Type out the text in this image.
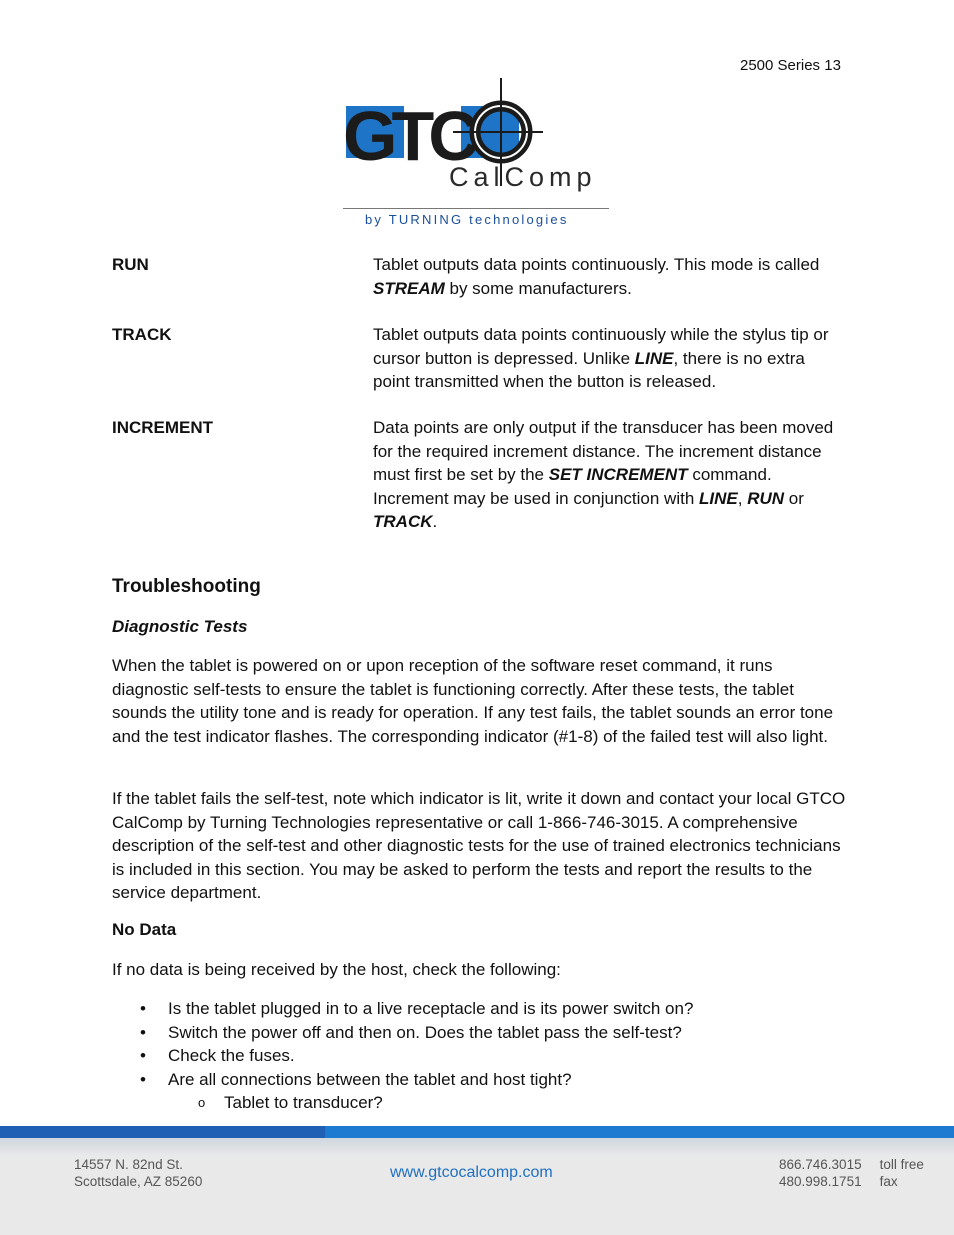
2500 Series 13
GTC
CalComp
by TURNING technologies
RUN	Tablet outputs data points continuously. This mode is called STREAM by some manufacturers.
TRACK	Tablet outputs data points continuously while the stylus tip or cursor button is depressed. Unlike LINE, there is no extra point transmitted when the button is released.
INCREMENT	Data points are only output if the transducer has been moved for the required increment distance. The increment distance must first be set by the SET INCREMENT command. Increment may be used in conjunction with LINE, RUN or TRACK.
Troubleshooting
Diagnostic Tests
When the tablet is powered on or upon reception of the software reset command, it runs diagnostic self-tests to ensure the tablet is functioning correctly. After these tests, the tablet sounds the utility tone and is ready for operation. If any test fails, the tablet sounds an error tone and the test indicator flashes. The corresponding indicator (#1-8) of the failed test will also light.
If the tablet fails the self-test, note which indicator is lit, write it down and contact your local GTCO CalComp by Turning Technologies representative or call 1-866-746-3015. A comprehensive description of the self-test and other diagnostic tests for the use of trained electronics technicians is included in this section. You may be asked to perform the tests and report the results to the service department.
No Data
If no data is being received by the host, check the following:
• Is the tablet plugged in to a live receptacle and is its power switch on?
• Switch the power off and then on. Does the tablet pass the self-test?
• Check the fuses.
• Are all connections between the tablet and host tight?
o Tablet to transducer?
14557 N. 82nd St.
Scottsdale, AZ 85260
www.gtcocalcomp.com	866.746.3015 toll free
480.998.1751 fax
